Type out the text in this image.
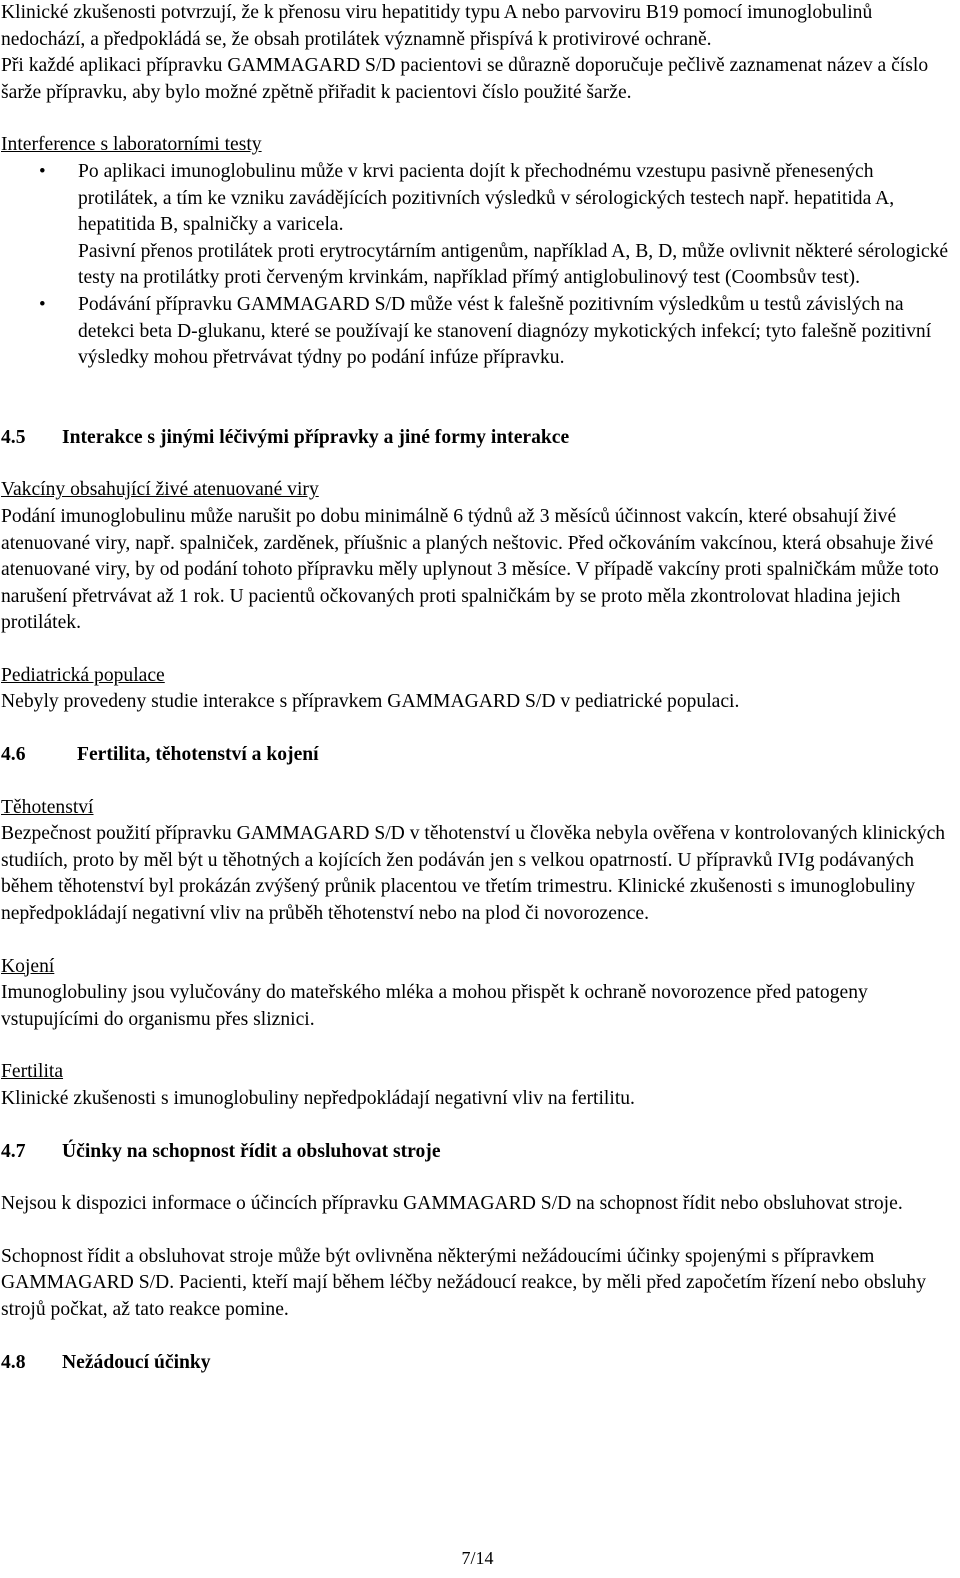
Klinické zkušenosti potvrzují, že k přenosu viru hepatitidy typu A nebo parvoviru B19 pomocí imunoglobulinů nedochází, a předpokládá se, že obsah protilátek významně přispívá k protivirové ochraně.

Při každé aplikaci přípravku GAMMAGARD S/D pacientovi se důrazně doporučuje pečlivě zaznamenat název a číslo šarže přípravku, aby bylo možné zpětně přiřadit k pacientovi číslo použité šarže.

Interference s laboratorními testy

• Po aplikaci imunoglobulinu může v krvi pacienta dojít k přechodnému vzestupu pasivně přenesených protilátek, a tím ke vzniku zavádějících pozitivních výsledků v sérologických testech např. hepatitida A, hepatitida B, spalničky a varicela.

Pasivní přenos protilátek proti erytrocytárním antigenům, například A, B, D, může ovlivnit některé sérologické testy na protilátky proti červeným krvinkám, například přímý antiglobulinový test (Coombsův test).

• Podávání přípravku GAMMAGARD S/D může vést k falešně pozitivním výsledkům u testů závislých na detekci beta D-glukanu, které se používají ke stanovení diagnózy mykotických infekcí; tyto falešně pozitivní výsledky mohou přetrvávat týdny po podání infúze přípravku.

4.5 Interakce s jinými léčivými přípravky a jiné formy interakce

Vakcíny obsahující živé atenuované viry

Podání imunoglobulinu může narušit po dobu minimálně 6 týdnů až 3 měsíců účinnost vakcín, které obsahují živé atenuované viry, např. spalniček, zarděnek, příušnic a planých neštovic. Před očkováním vakcínou, která obsahuje živé atenuované viry, by od podání tohoto přípravku měly uplynout 3 měsíce. V případě vakcíny proti spalničkám může toto narušení přetrvávat až 1 rok. U pacientů očkovaných proti spalničkám by se proto měla zkontrolovat hladina jejich protilátek.

Pediatrická populace

Nebyly provedeny studie interakce s přípravkem GAMMAGARD S/D v pediatrické populaci.

4.6	Fertilita, těhotenství a kojení

Těhotenství

Bezpečnost použití přípravku GAMMAGARD S/D v těhotenství u člověka nebyla ověřena v kontrolovaných klinických studiích, proto by měl být u těhotných a kojících žen podáván jen s velkou opatrností. U přípravků IVIg podávaných během těhotenství byl prokázán zvýšený průnik placentou ve třetím trimestru. Klinické zkušenosti s imunoglobuliny nepředpokládají negativní vliv na průběh těhotenství nebo na plod či novorozence.

Kojení

Imunoglobuliny jsou vylučovány do mateřského mléka a mohou přispět k ochraně novorozence před patogeny vstupujícími do organismu přes sliznici.

Fertilita

Klinické zkušenosti s imunoglobuliny nepředpokládají negativní vliv na fertilitu.

4.7 Účinky na schopnost řídit a obsluhovat stroje

Nejsou k dispozici informace o účincích přípravku GAMMAGARD S/D na schopnost řídit nebo obsluhovat stroje.

Schopnost řídit a obsluhovat stroje může být ovlivněna některými nežádoucími účinky spojenými s přípravkem GAMMAGARD S/D. Pacienti, kteří mají během léčby nežádoucí reakce, by měli před započetím řízení nebo obsluhy strojů počkat, až tato reakce pomine.

4.8 Nežádoucí účinky
7/14
